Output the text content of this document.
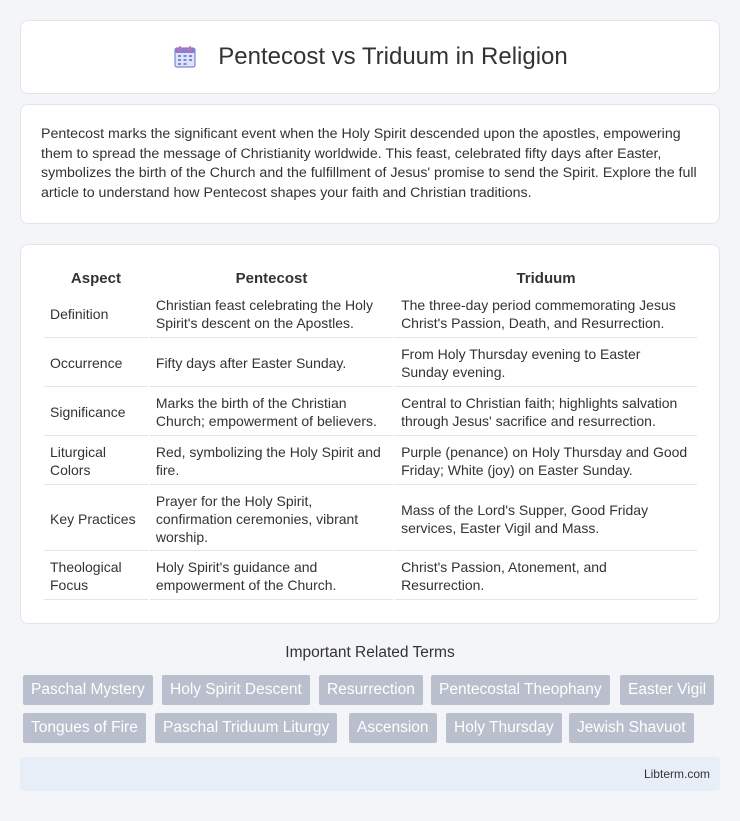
Pentecost vs Triduum in Religion

Pentecost marks the significant event when the Holy Spirit descended upon the apostles, empowering them to spread the message of Christianity worldwide. This feast, celebrated fifty days after Easter, symbolizes the birth of the Church and the fulfillment of Jesus' promise to send the Spirit. Explore the full article to understand how Pentecost shapes your faith and Christian traditions.

Aspect	Pentecost	Triduum
Definition	Christian feast celebrating the Holy Spirit's descent on the Apostles.	The three-day period commemorating Jesus Christ's Passion, Death, and Resurrection.
Occurrence	Fifty days after Easter Sunday.	From Holy Thursday evening to Easter Sunday evening.
Significance	Marks the birth of the Christian Church; empowerment of believers.	Central to Christian faith; highlights salvation through Jesus' sacrifice and resurrection.
Liturgical Colors	Red, symbolizing the Holy Spirit and fire.	Purple (penance) on Holy Thursday and Good Friday; White (joy) on Easter Sunday.
Key Practices	Prayer for the Holy Spirit, confirmation ceremonies, vibrant worship.	Mass of the Lord's Supper, Good Friday services, Easter Vigil and Mass.
Theological Focus	Holy Spirit's guidance and empowerment of the Church.	Christ's Passion, Atonement, and Resurrection.
Important Related Terms
Paschal Mystery	Holy Spirit Descent	Resurrection	Pentecostal Theophany	Easter Vigil
Tongues of Fire	Paschal Triduum Liturgy	Ascension	Holy Thursday	Jewish Shavuot
Libterm.com
